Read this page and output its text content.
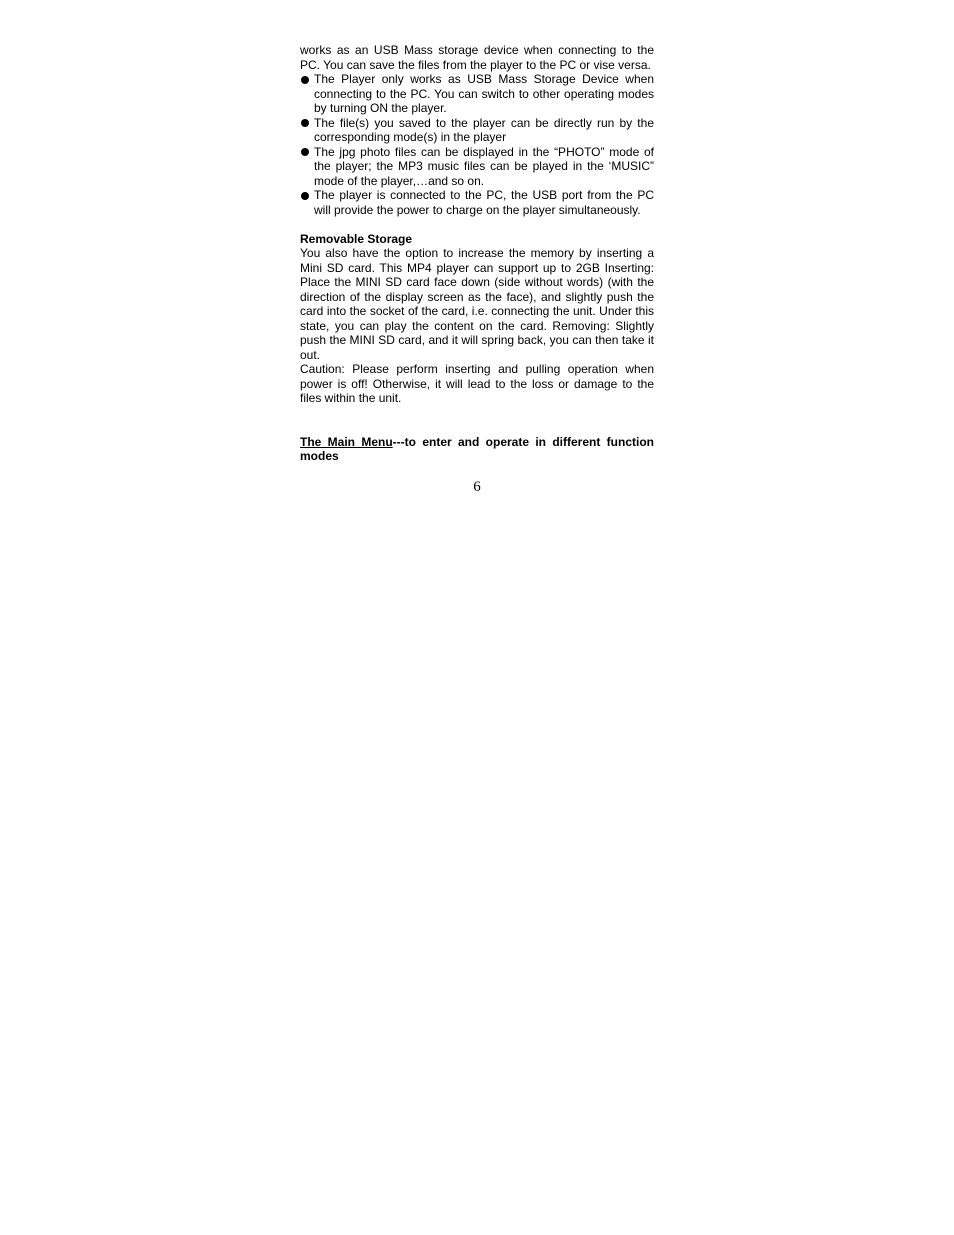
works as an USB Mass storage device when connecting to the PC. You can save the files from the player to the PC or vise versa.

The Player only works as USB Mass Storage Device when connecting to the PC. You can switch to other operating modes by turning ON the player.
The file(s) you saved to the player can be directly run by the corresponding mode(s) in the player
The jpg photo files can be displayed in the “PHOTO” mode of the player; the MP3 music files can be played in the ‘MUSIC” mode of the player,…and so on.
The player is connected to the PC, the USB port from the PC will provide the power to charge on the player simultaneously.

Removable Storage

You also have the option to increase the memory by inserting a Mini SD card. This MP4 player can support up to 2GB Inserting: Place the MINI SD card face down (side without words) (with the direction of the display screen as the face), and slightly push the card into the socket of the card, i.e. connecting the unit. Under this state, you can play the content on the card. Removing: Slightly push the MINI SD card, and it will spring back, you can then take it out.

Caution: Please perform inserting and pulling operation when power is off! Otherwise, it will lead to the loss or damage to the files within the unit.

The Main Menu---to enter and operate in different function modes

6
